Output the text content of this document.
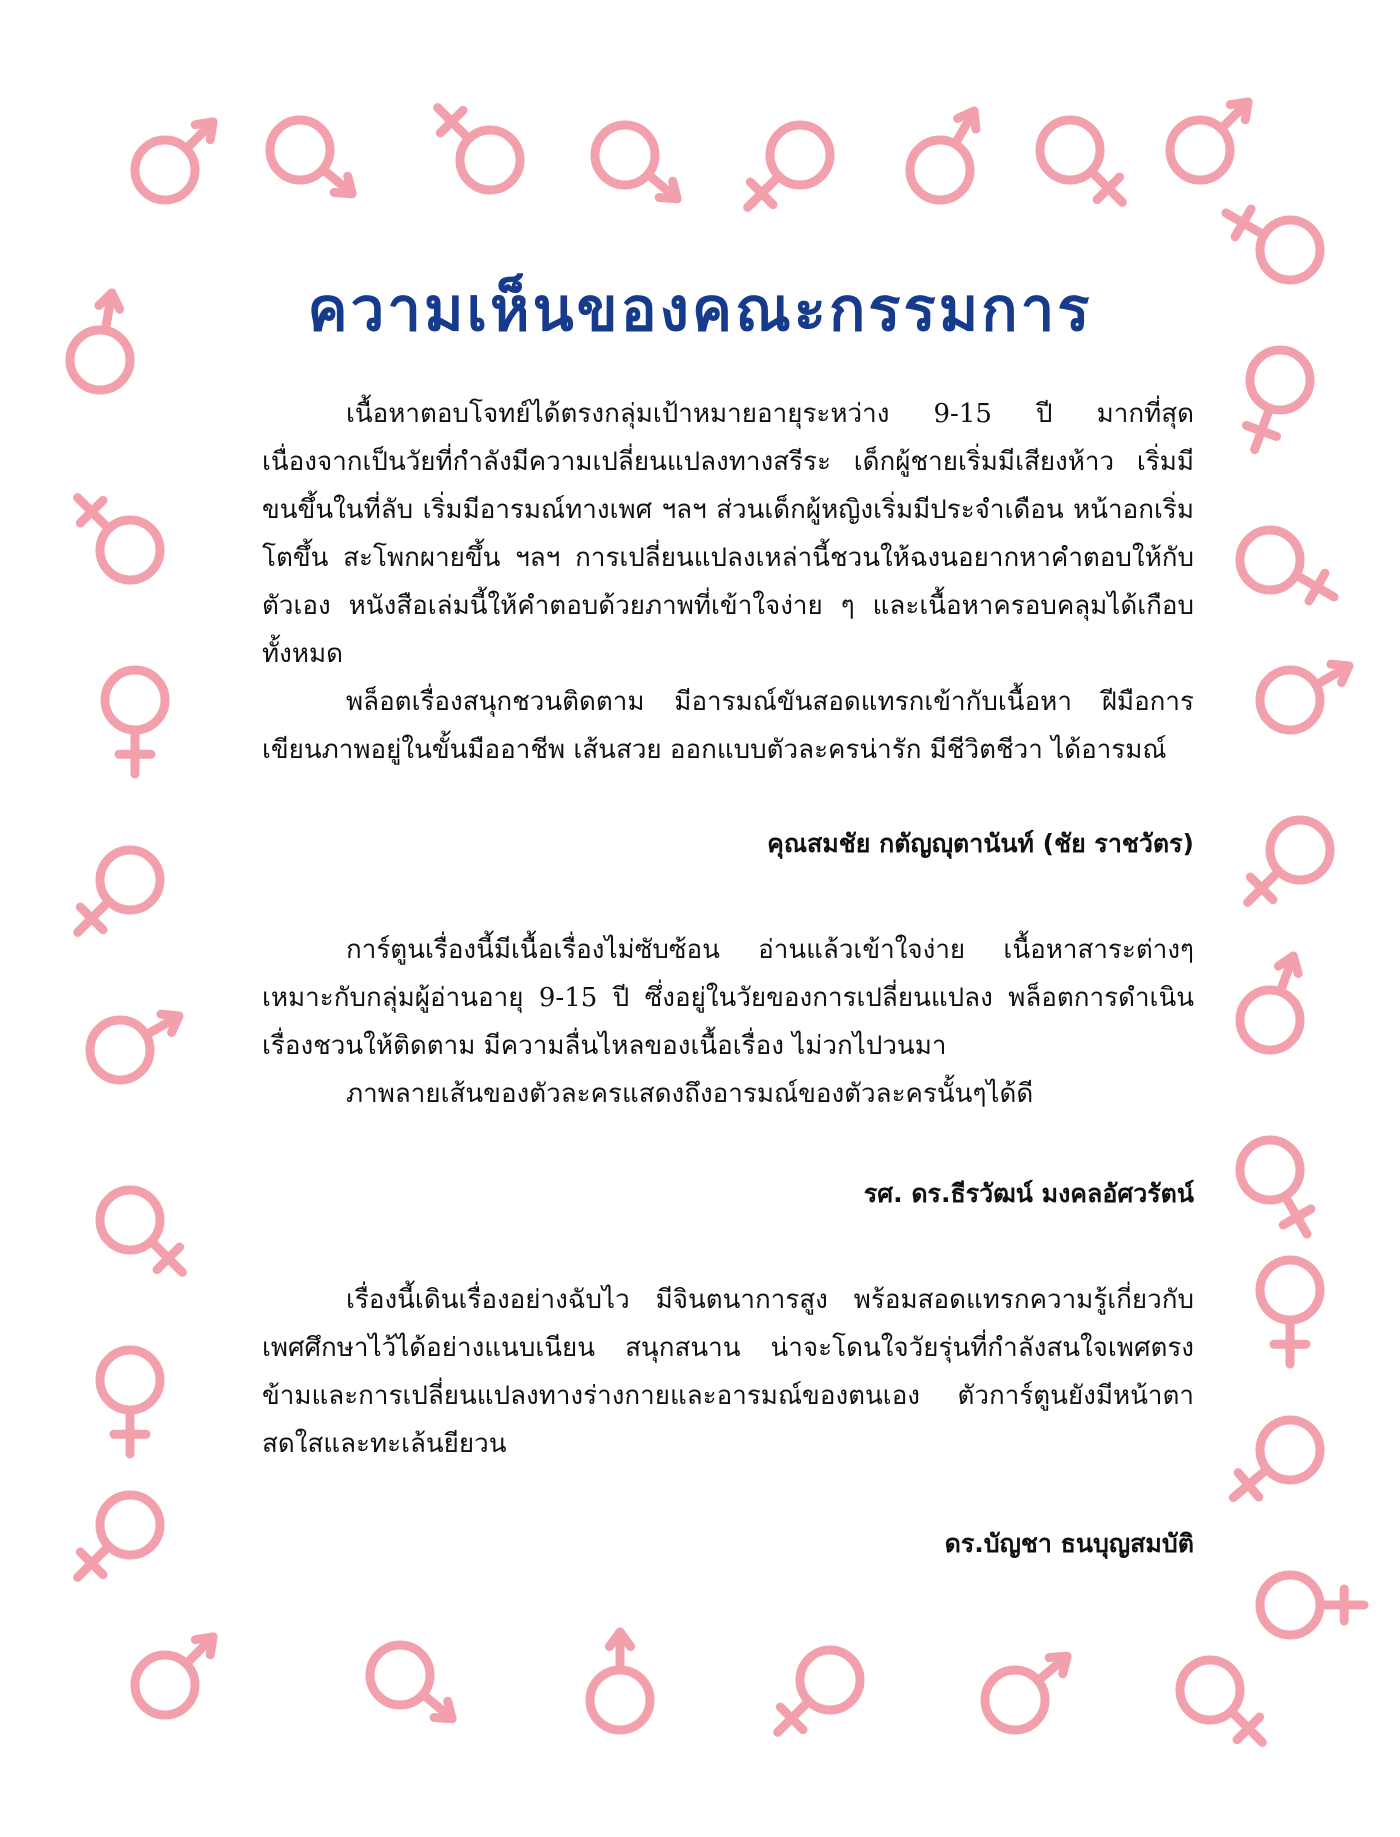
ความเห็นของคณะกรรมการ

เนื้อหาตอบโจทย์ได้ตรงกลุ่มเป้าหมายอายุระหว่าง 9-15 ปี มากที่สุด เนื่องจากเป็นวัยที่กำลังมีความเปลี่ยนแปลงทางสรีระ เด็กผู้ชายเริ่มมีเสียงห้าว เริ่มมีขนขึ้นในที่ลับ เริ่มมีอารมณ์ทางเพศ ฯลฯ ส่วนเด็กผู้หญิงเริ่มมีประจำเดือน หน้าอกเริ่มโตขึ้น สะโพกผายขึ้น ฯลฯ การเปลี่ยนแปลงเหล่านี้ชวนให้ฉงนอยากหาคำตอบให้กับตัวเอง หนังสือเล่มนี้ให้คำตอบด้วยภาพที่เข้าใจง่าย ๆ และเนื้อหาครอบคลุมได้เกือบทั้งหมด

พล็อตเรื่องสนุกชวนติดตาม มีอารมณ์ขันสอดแทรกเข้ากับเนื้อหา ฝีมือการเขียนภาพอยู่ในขั้นมืออาชีพ เส้นสวย ออกแบบตัวละครน่ารัก มีชีวิตชีวา ได้อารมณ์

คุณสมชัย กตัญญุตานันท์ (ชัย ราชวัตร)

การ์ตูนเรื่องนี้มีเนื้อเรื่องไม่ซับซ้อน อ่านแล้วเข้าใจง่าย เนื้อหาสาระต่างๆ เหมาะกับกลุ่มผู้อ่านอายุ 9-15 ปี ซึ่งอยู่ในวัยของการเปลี่ยนแปลง พล็อตการดำเนินเรื่องชวนให้ติดตาม มีความลื่นไหลของเนื้อเรื่อง ไม่วกไปวนมา

ภาพลายเส้นของตัวละครแสดงถึงอารมณ์ของตัวละครนั้นๆได้ดี

รศ. ดร.ธีรวัฒน์ มงคลอัศวรัตน์

เรื่องนี้เดินเรื่องอย่างฉับไว มีจินตนาการสูง พร้อมสอดแทรกความรู้เกี่ยวกับเพศศึกษาไว้ได้อย่างแนบเนียน สนุกสนาน น่าจะโดนใจวัยรุ่นที่กำลังสนใจเพศตรงข้ามและการเปลี่ยนแปลงทางร่างกายและอารมณ์ของตนเอง ตัวการ์ตูนยังมีหน้าตาสดใสและทะเล้นยียวน

ดร.บัญชา ธนบุญสมบัติ
